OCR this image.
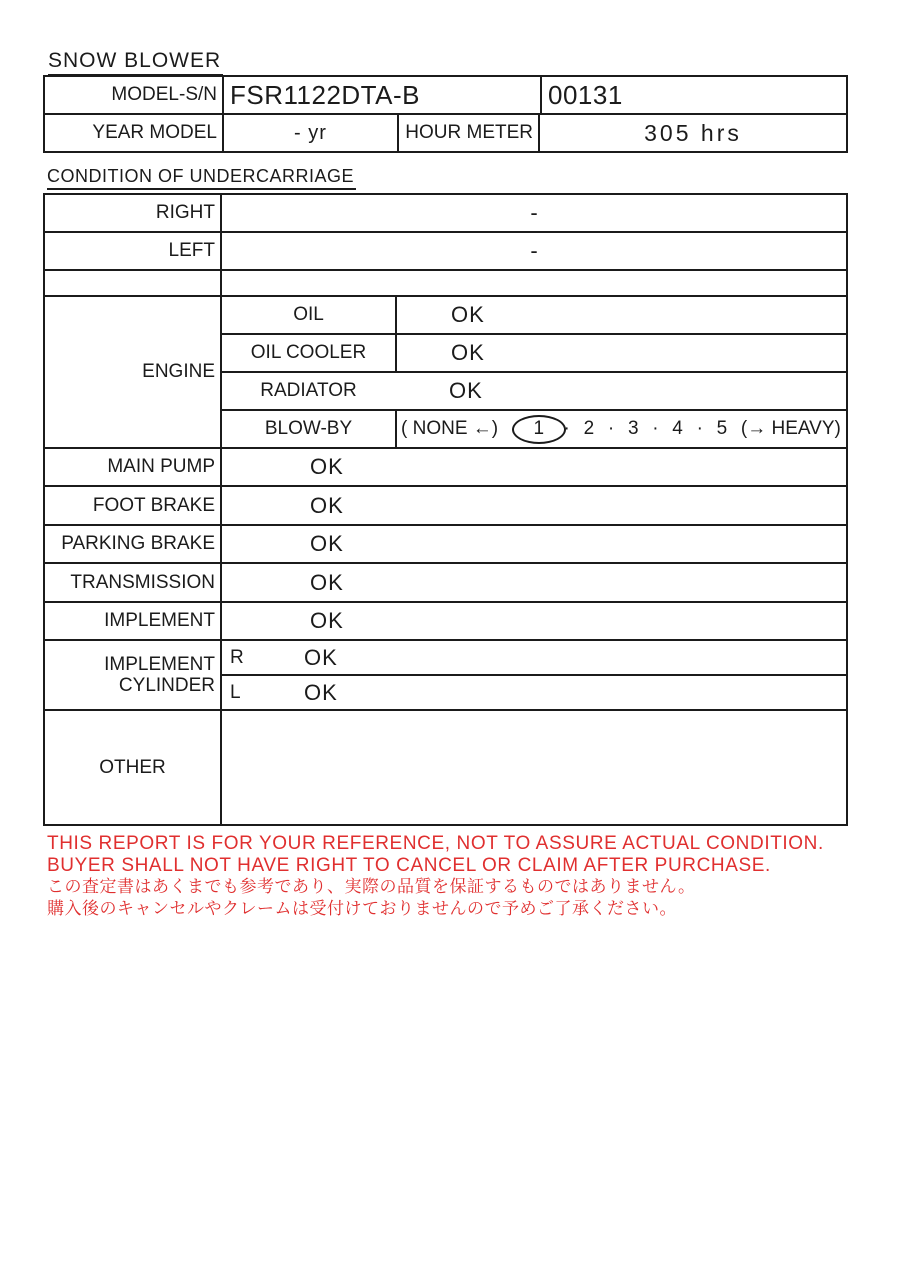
SNOW BLOWER
MODEL-S/N FSR1122DTA-B	00131
YEAR MODEL	- yr	HOUR METER	305 hrs
CONDITION OF UNDERCARRIAGE
RIGHT	-
LEFT	-
ENGINE
OIL	OK
OIL COOLER	OK
RADIATOR	OK
BLOW-BY	( NONE ←) 1 · 2 · 3 · 4 · 5 (→ HEAVY)
MAIN PUMP	OK
FOOT BRAKE	OK
PARKING BRAKE	OK
TRANSMISSION	OK
IMPLEMENT	OK
IMPLEMENT
CYLINDER
R	OK
L	OK
OTHER
THIS REPORT IS FOR YOUR REFERENCE, NOT TO ASSURE ACTUAL CONDITION.
BUYER SHALL NOT HAVE RIGHT TO CANCEL OR CLAIM AFTER PURCHASE.
この査定書はあくまでも参考であり、実際の品質を保証するものではありません。
購入後のキャンセルやクレームは受付けておりませんので予めご了承ください。
